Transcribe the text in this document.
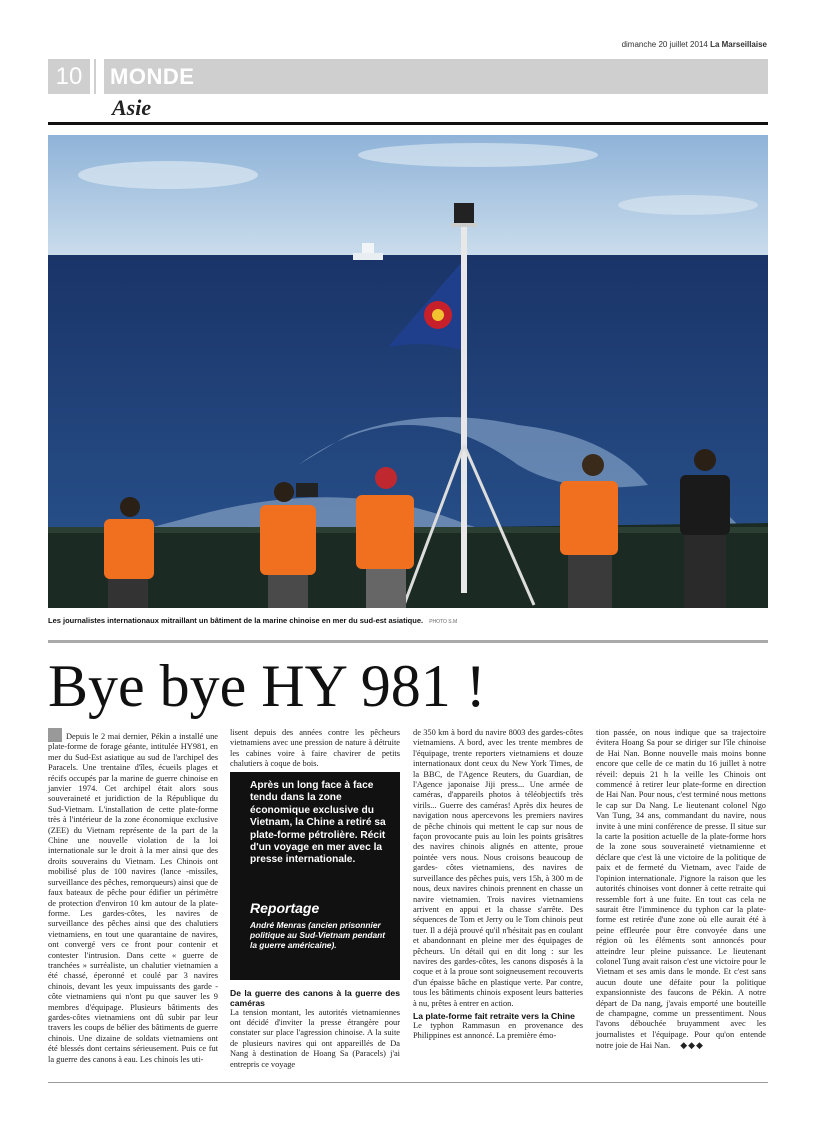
dimanche 20 juillet 2014 La Marseillaise
10	MONDE
Asie
Les journalistes internationaux mitraillant un bâtiment de la marine chinoise en mer du sud-est asiatique. PHOTO S.M
Bye bye HY 981 !

Depuis le 2 mai dernier, Pékin a installé une plate-forme de forage géante, intitulée HY981, en mer du Sud-Est asiatique au sud de l'archipel des Paracels. Une trentaine d'îles, écueils plages et récifs occupés par la marine de guerre chinoise en janvier 1974. Cet archipel était alors sous souveraineté et juridiction de la République du Sud-Vietnam. L'installation de cette plate-forme très à l'intérieur de la zone économique exclusive (ZEE) du Vietnam représente de la part de la Chine une nouvelle violation de la loi internationale sur le droit à la mer ainsi que des droits souverains du Vietnam. Les Chinois ont mobilisé plus de 100 navires (lance -missiles, surveillance des pêches, remorqueurs) ainsi que de faux bateaux de pêche pour édifier un périmètre de protection d'environ 10 km autour de la plate-forme. Les gardes-côtes, les navires de surveillance des pêches ainsi que des chalutiers vietnamiens, en tout une quarantaine de navires, ont convergé vers ce front pour contenir et contester l'intrusion. Dans cette « guerre de tranchées » surréaliste, un chalutier vietnamien a été chassé, éperonné et coulé par 3 navires chinois, devant les yeux impuissants des garde - côte vietnamiens qui n'ont pu que sauver les 9 membres d'équipage. Plusieurs bâtiments des gardes-côtes vietnamiens ont dû subir par leur travers les coups de bélier des bâtiments de guerre chinois. Une dizaine de soldats vietnamiens ont été blessés dont certains sérieusement. Puis ce fut la guerre des canons à eau. Les chinois les uti-

lisent depuis des années contre les pêcheurs vietnamiens avec une pression de nature à détruite les cabines voire à faire chavirer de petits chalutiers à coque de bois.

De la guerre des canons à la guerre des caméras

La tension montant, les autorités vietnamiennes ont décidé d'inviter la presse étrangère pour constater sur place l'agression chinoise. A la suite de plusieurs navires qui ont appareillés de Da Nang à destination de Hoang Sa (Paracels) j'ai entrepris ce voyage

Après un long face à face tendu dans la zone économique exclusive du Vietnam, la Chine a retiré sa plate-forme pétrolière. Récit d'un voyage en mer avec la presse internationale.
Reportage
André Menras (ancien prisonnier politique au Sud-Vietnam pendant la guerre américaine).

de 350 km à bord du navire 8003 des gardes-côtes vietnamiens. A bord, avec les trente membres de l'équipage, trente reporters vietnamiens et douze internationaux dont ceux du New York Times, de la BBC, de l'Agence Reuters, du Guardian, de l'Agence japonaise Jiji press... Une armée de caméras, d'appareils photos à téléobjectifs très virils... Guerre des caméras! Après dix heures de navigation nous apercevons les premiers navires de pêche chinois qui mettent le cap sur nous de façon provocante puis au loin les points grisâtres des navires chinois alignés en attente, proue pointée vers nous. Nous croisons beaucoup de gardes- côtes vietnamiens, des navires de surveillance des pêches puis, vers 15h, à 300 m de nous, deux navires chinois prennent en chasse un navire vietnamien. Trois navires vietnamiens arrivent en appui et la chasse s'arrête. Des séquences de Tom et Jerry ou le Tom chinois peut tuer. Il a déjà prouvé qu'il n'hésitait pas en coulant et abandonnant en pleine mer des équipages de pêcheurs. Un détail qui en dit long : sur les navires des gardes-côtes, les canons disposés à la coque et à la proue sont soigneusement recouverts d'un épaisse bâche en plastique verte. Par contre, tous les bâtiments chinois exposent leurs batteries à nu, prêtes à entrer en action.

La plate-forme fait retraite vers la Chine

Le typhon Rammasun en provenance des Philippines est annoncé. La première émo-

tion passée, on nous indique que sa trajectoire évitera Hoang Sa pour se diriger sur l'île chinoise de Hai Nan. Bonne nouvelle mais moins bonne encore que celle de ce matin du 16 juillet à notre réveil: depuis 21 h la veille les Chinois ont commencé à retirer leur plate-forme en direction de Hai Nan. Pour nous, c'est terminé nous mettons le cap sur Da Nang. Le lieutenant colonel Ngo Van Tung, 34 ans, commandant du navire, nous invite à une mini conférence de presse. Il situe sur la carte la position actuelle de la plate-forme hors de la zone sous souveraineté vietnamienne et déclare que c'est là une victoire de la politique de paix et de fermeté du Vietnam, avec l'aide de l'opinion internationale. J'ignore la raison que les autorités chinoises vont donner à cette retraite qui ressemble fort à une fuite. En tout cas cela ne saurait être l'imminence du typhon car la plate-forme est retirée d'une zone où elle aurait été à peine effleurée pour être convoyée dans une région où les éléments sont annoncés pour atteindre leur pleine puissance. Le lieutenant colonel Tung avait raison c'est une victoire pour le Vietnam et ses amis dans le monde. Et c'est sans aucun doute une défaite pour la politique expansionniste des faucons de Pékin. A notre départ de Da nang, j'avais emporté une bouteille de champagne, comme un pressentiment. Nous l'avons débouchée bruyamment avec les journalistes et l'équipage. Pour qu'on entende notre joie de Hai Nan. ◆◆◆
